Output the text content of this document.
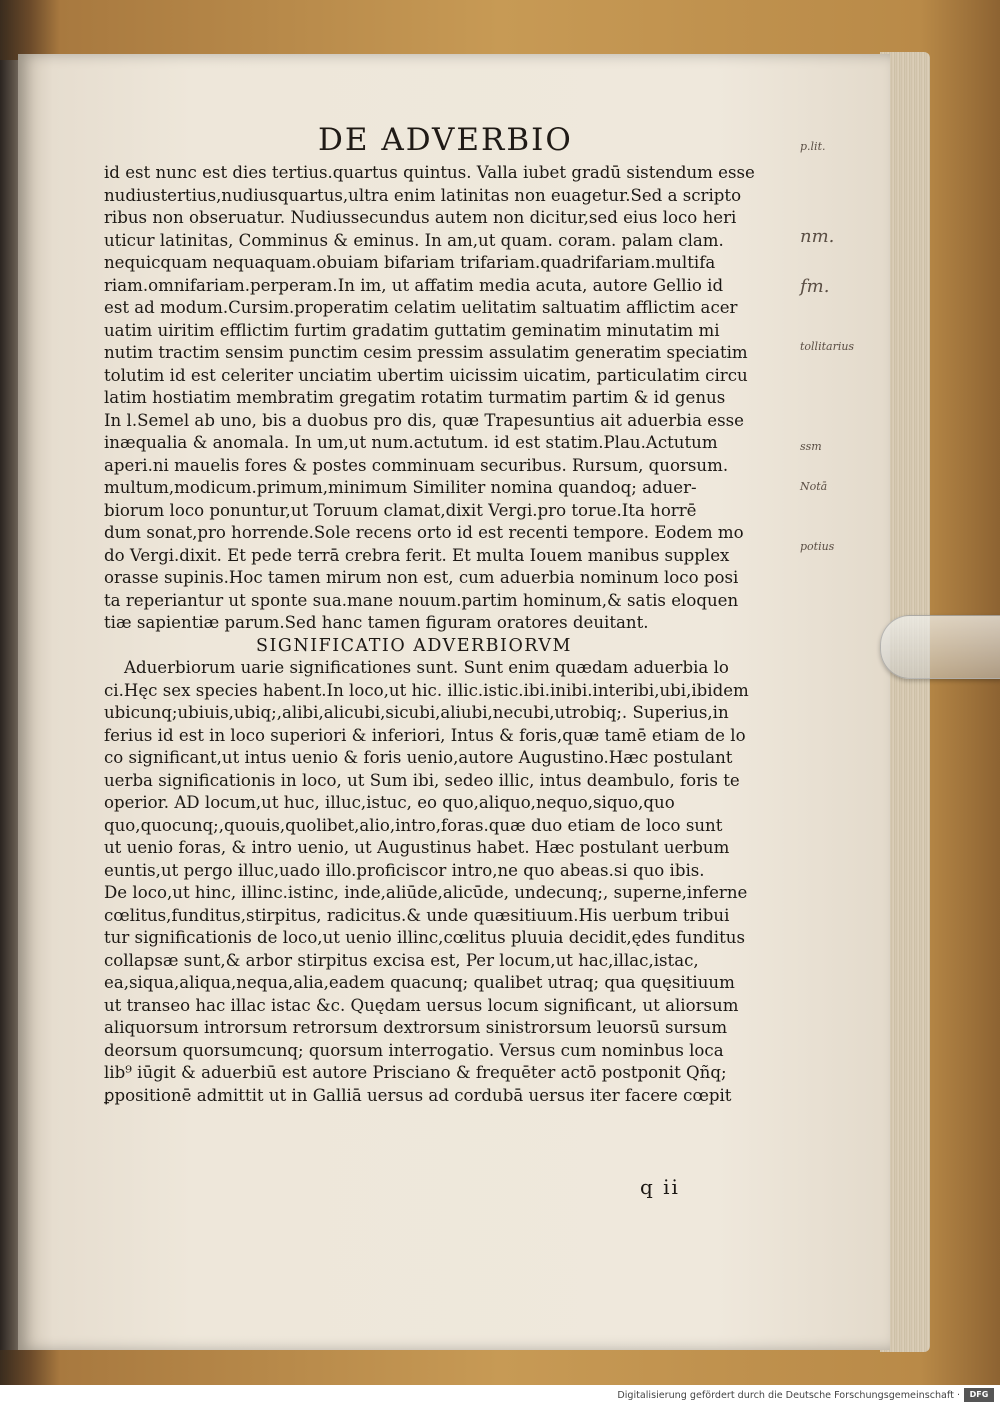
DE ADVERBIO
id est nunc est dies tertius.quartus quintus. Valla iubet gradū sistendum esse
nudiustertius,nudiusquartus,ultra enim latinitas non euagetur.Sed a scripto
ribus non obseruatur. Nudiussecundus autem non dicitur,sed eius loco heri
uticur latinitas, Comminus & eminus. In am,ut quam. coram. palam clam.
nequicquam nequaquam.obuiam bifariam trifariam.quadrifariam.multifa
riam.omnifariam.perperam.In im, ut affatim media acuta, autore Gellio id
est ad modum.Cursim.properatim celatim uelitatim saltuatim afflictim acer
uatim uiritim efflictim furtim gradatim guttatim geminatim minutatim mi
nutim tractim sensim punctim cesim pressim assulatim generatim speciatim
tolutim id est celeriter unciatim ubertim uicissim uicatim, particulatim circu
latim hostiatim membratim gregatim rotatim turmatim partim & id genus
In l.Semel ab uno, bis a duobus pro dis, quæ Trapesuntius ait aduerbia esse
inæqualia & anomala. In um,ut num.actutum. id est statim.Plau.Actutum
aperi.ni mauelis fores & postes comminuam securibus. Rursum, quorsum.
multum,modicum.primum,minimum Similiter nomina quandoq; aduer-
biorum loco ponuntur,ut Toruum clamat,dixit Vergi.pro torue.Ita horrē
dum sonat,pro horrende.Sole recens orto id est recenti tempore. Eodem mo
do Vergi.dixit. Et pede terrā crebra ferit. Et multa Iouem manibus supplex
orasse supinis.Hoc tamen mirum non est, cum aduerbia nominum loco posi
ta reperiantur ut sponte sua.mane nouum.partim hominum,& satis eloquen
tiæ sapientiæ parum.Sed hanc tamen figuram oratores deuitant.
SIGNIFICATIO ADVERBIORVM
Aduerbiorum uarie significationes sunt. Sunt enim quædam aduerbia lo
ci.Hęc sex species habent.In loco,ut hic. illic.istic.ibi.inibi.interibi,ubi,ibidem
ubicunq;ubiuis,ubiq;,alibi,alicubi,sicubi,aliubi,necubi,utrobiq;. Superius,in
ferius id est in loco superiori & inferiori, Intus & foris,quæ tamē etiam de lo
co significant,ut intus uenio & foris uenio,autore Augustino.Hæc postulant
uerba significationis in loco, ut Sum ibi, sedeo illic, intus deambulo, foris te
operior. AD locum,ut huc, illuc,istuc, eo quo,aliquo,nequo,siquo,quo
quo,quocunq;,quouis,quolibet,alio,intro,foras.quæ duo etiam de loco sunt
ut uenio foras, & intro uenio, ut Augustinus habet. Hæc postulant uerbum
euntis,ut pergo illuc,uado illo.proficiscor intro,ne quo abeas.si quo ibis.
De loco,ut hinc, illinc.istinc, inde,aliūde,alicūde, undecunq;, superne,inferne
cœlitus,funditus,stirpitus, radicitus.& unde quæsitiuum.His uerbum tribui
tur significationis de loco,ut uenio illinc,cœlitus pluuia decidit,ędes funditus
collapsæ sunt,& arbor stirpitus excisa est, Per locum,ut hac,illac,istac,
ea,siqua,aliqua,nequa,alia,eadem quacunq; qualibet utraq; qua quęsitiuum
ut transeo hac illac istac &c. Quędam uersus locum significant, ut aliorsum
aliquorsum introrsum retrorsum dextrorsum sinistrorsum leuorsū sursum
deorsum quorsumcunq; quorsum interrogatio. Versus cum nominbus loca
lib⁹ iūgit & aduerbiū est autore Prisciano & frequēter actō postponit Qñq;
ꝑpositionē admittit ut in Galliā uersus ad cordubā uersus iter facere cœpit
q ii
p.lit.
nm.
fm.
tollitarius
ssm
Notā
potius
Digitalisierung gefördert durch die Deutsche Forschungsgemeinschaft ·	DFG
